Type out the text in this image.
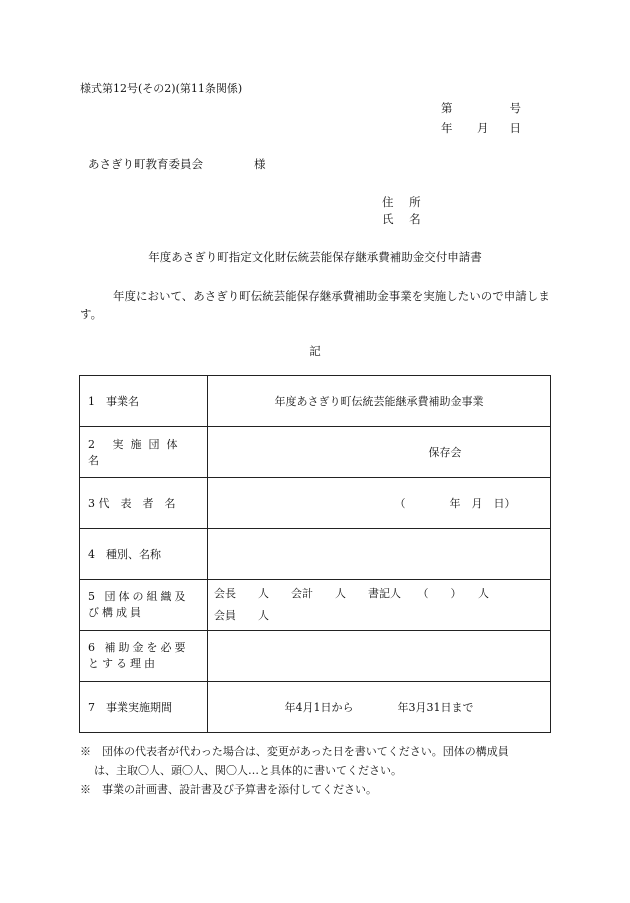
様式第12号(その2)(第11条関係)
第	号
年 月 日
あさぎり町教育委員会	様
住 所
氏 名
年度あさぎり町指定文化財伝統芸能保存継承費補助金交付申請書
年度において、あさぎり町伝統芸能保存継承費補助金事業を実施したいので申請します。
記
1　事業名	年度あさぎり町伝統芸能継承費補助金事業
2 実施団体名	保存会
3 代　表　者　名	（　　　　年　月　日）
4　種別、名称	
5 団体の組織及び構成員	会長　　人　　会計　　人　　書記人　　（　　）　　人
会員　　人

6 補助金を必要とする理由	
7　事業実施期間	年4月1日から　　　　年3月31日まで
※　団体の代表者が代わった場合は、変更があった日を書いてください。団体の構成員
は、主取〇人、頭〇人、関〇人…と具体的に書いてください。
※　事業の計画書、設計書及び予算書を添付してください。
